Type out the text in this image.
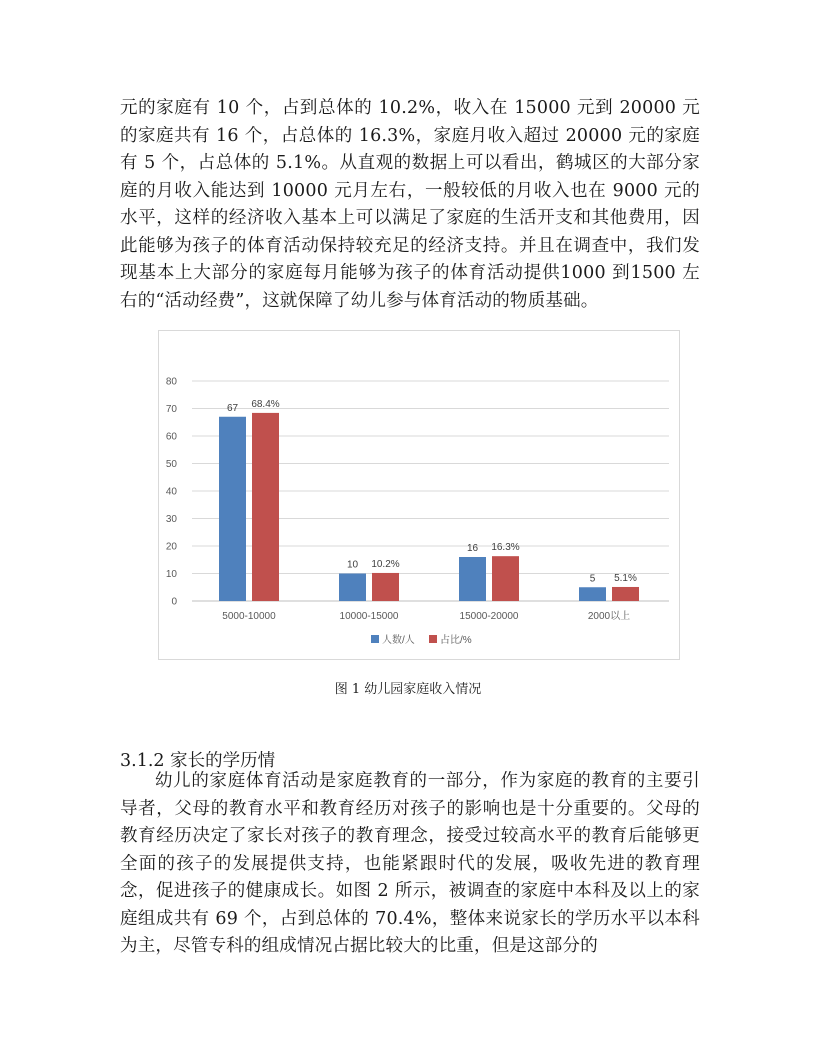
元的家庭有 10 个，占到总体的 10.2%，收入在 15000 元到 20000 元的家庭共有 16 个，占总体的 16.3%，家庭月收入超过 20000 元的家庭有 5 个，占总体的 5.1%。从直观的数据上可以看出，鹤城区的大部分家庭的月收入能达到 10000 元月左右，一般较低的月收入也在 9000 元的水平，这样的经济收入基本上可以满足了家庭的生活开支和其他费用，因此能够为孩子的体育活动保持较充足的经济支持。并且在调查中，我们发现基本上大部分的家庭每月能够为孩子的体育活动提供1000 到1500 左右的“活动经费”，这就保障了幼儿参与体育活动的物质基础。

0
10
20
30
40
50
60
70
80
67 68.4%
5000-10000
10 10.2%
10000-15000
16 16.3%
15000-20000
5 5.1%
2000以上
人数/人	占比/%
图 1 幼儿园家庭收入情况
3.1.2 家长的学历情

幼儿的家庭体育活动是家庭教育的一部分，作为家庭的教育的主要引导者，父母的教育水平和教育经历对孩子的影响也是十分重要的。父母的教育经历决定了家长对孩子的教育理念，接受过较高水平的教育后能够更全面的孩子的发展提供支持，也能紧跟时代的发展，吸收先进的教育理念，促进孩子的健康成长。如图 2 所示，被调查的家庭中本科及以上的家庭组成共有 69 个，占到总体的 70.4%，整体来说家长的学历水平以本科为主，尽管专科的组成情况占据比较大的比重，但是这部分的
